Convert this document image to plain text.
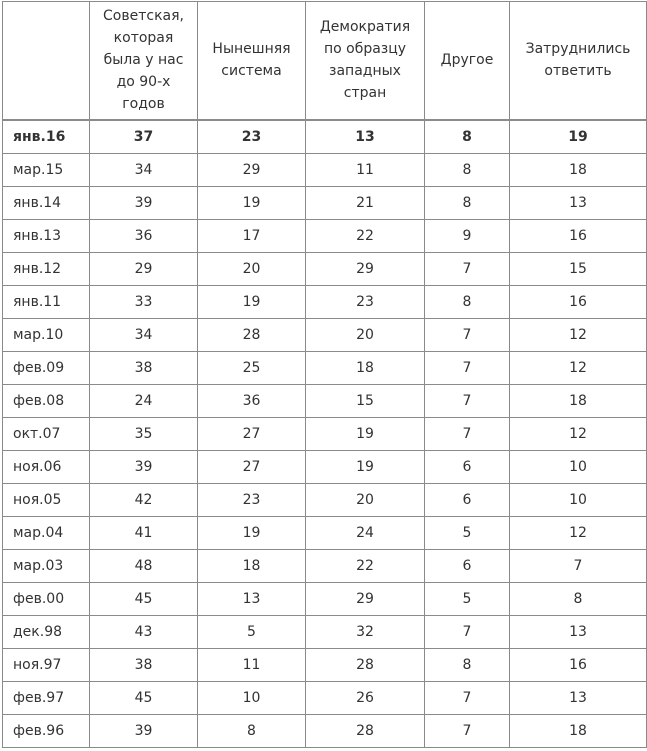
	Советская, которая была у нас до 90-х годов	Нынешняя система	Демократия по образцу западных стран	Другое	Затруднились ответить
янв.16	37	23	13	8	19
мар.15	34	29	11	8	18
янв.14	39	19	21	8	13
янв.13	36	17	22	9	16
янв.12	29	20	29	7	15
янв.11	33	19	23	8	16
мар.10	34	28	20	7	12
фев.09	38	25	18	7	12
фев.08	24	36	15	7	18
окт.07	35	27	19	7	12
ноя.06	39	27	19	6	10
ноя.05	42	23	20	6	10
мар.04	41	19	24	5	12
мар.03	48	18	22	6	7
фев.00	45	13	29	5	8
дек.98	43	5	32	7	13
ноя.97	38	11	28	8	16
фев.97	45	10	26	7	13
фев.96	39	8	28	7	18
